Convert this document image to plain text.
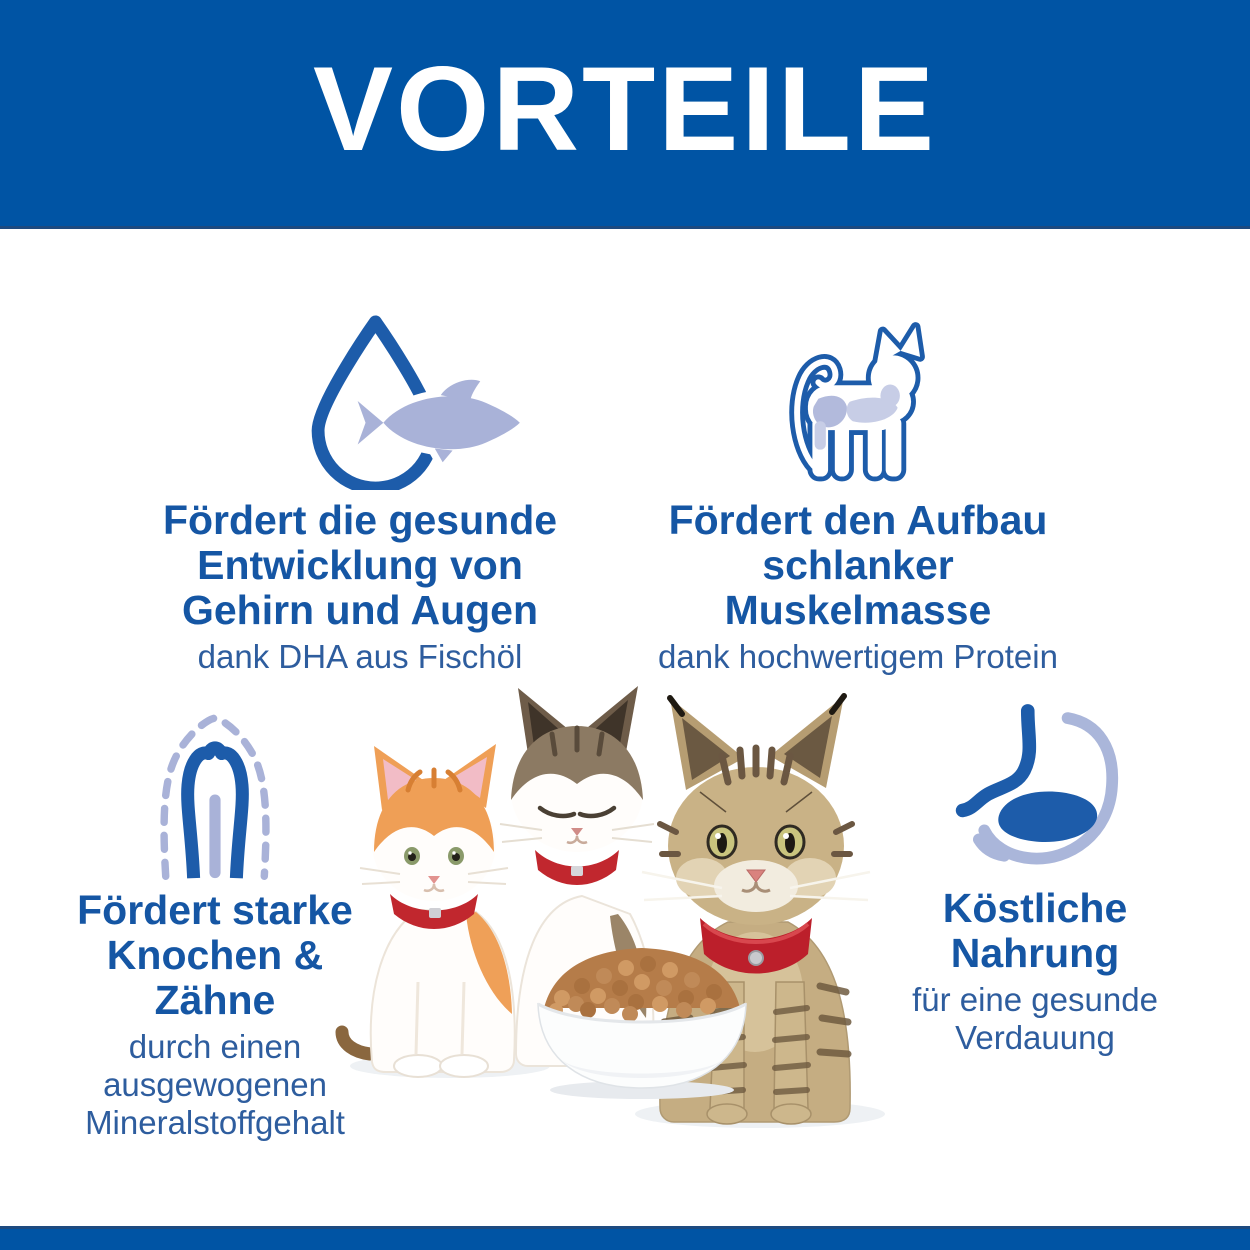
VORTEILE
Fördert die gesunde
Entwicklung von
Gehirn und Augen

dank DHA aus Fischöl

Fördert den Aufbau
schlanker
Muskelmasse

dank hochwertigem Protein

Fördert starke
Knochen &
Zähne

durch einen
ausgewogenen
Mineralstoffgehalt

Köstliche
Nahrung

für eine gesunde
Verdauung
